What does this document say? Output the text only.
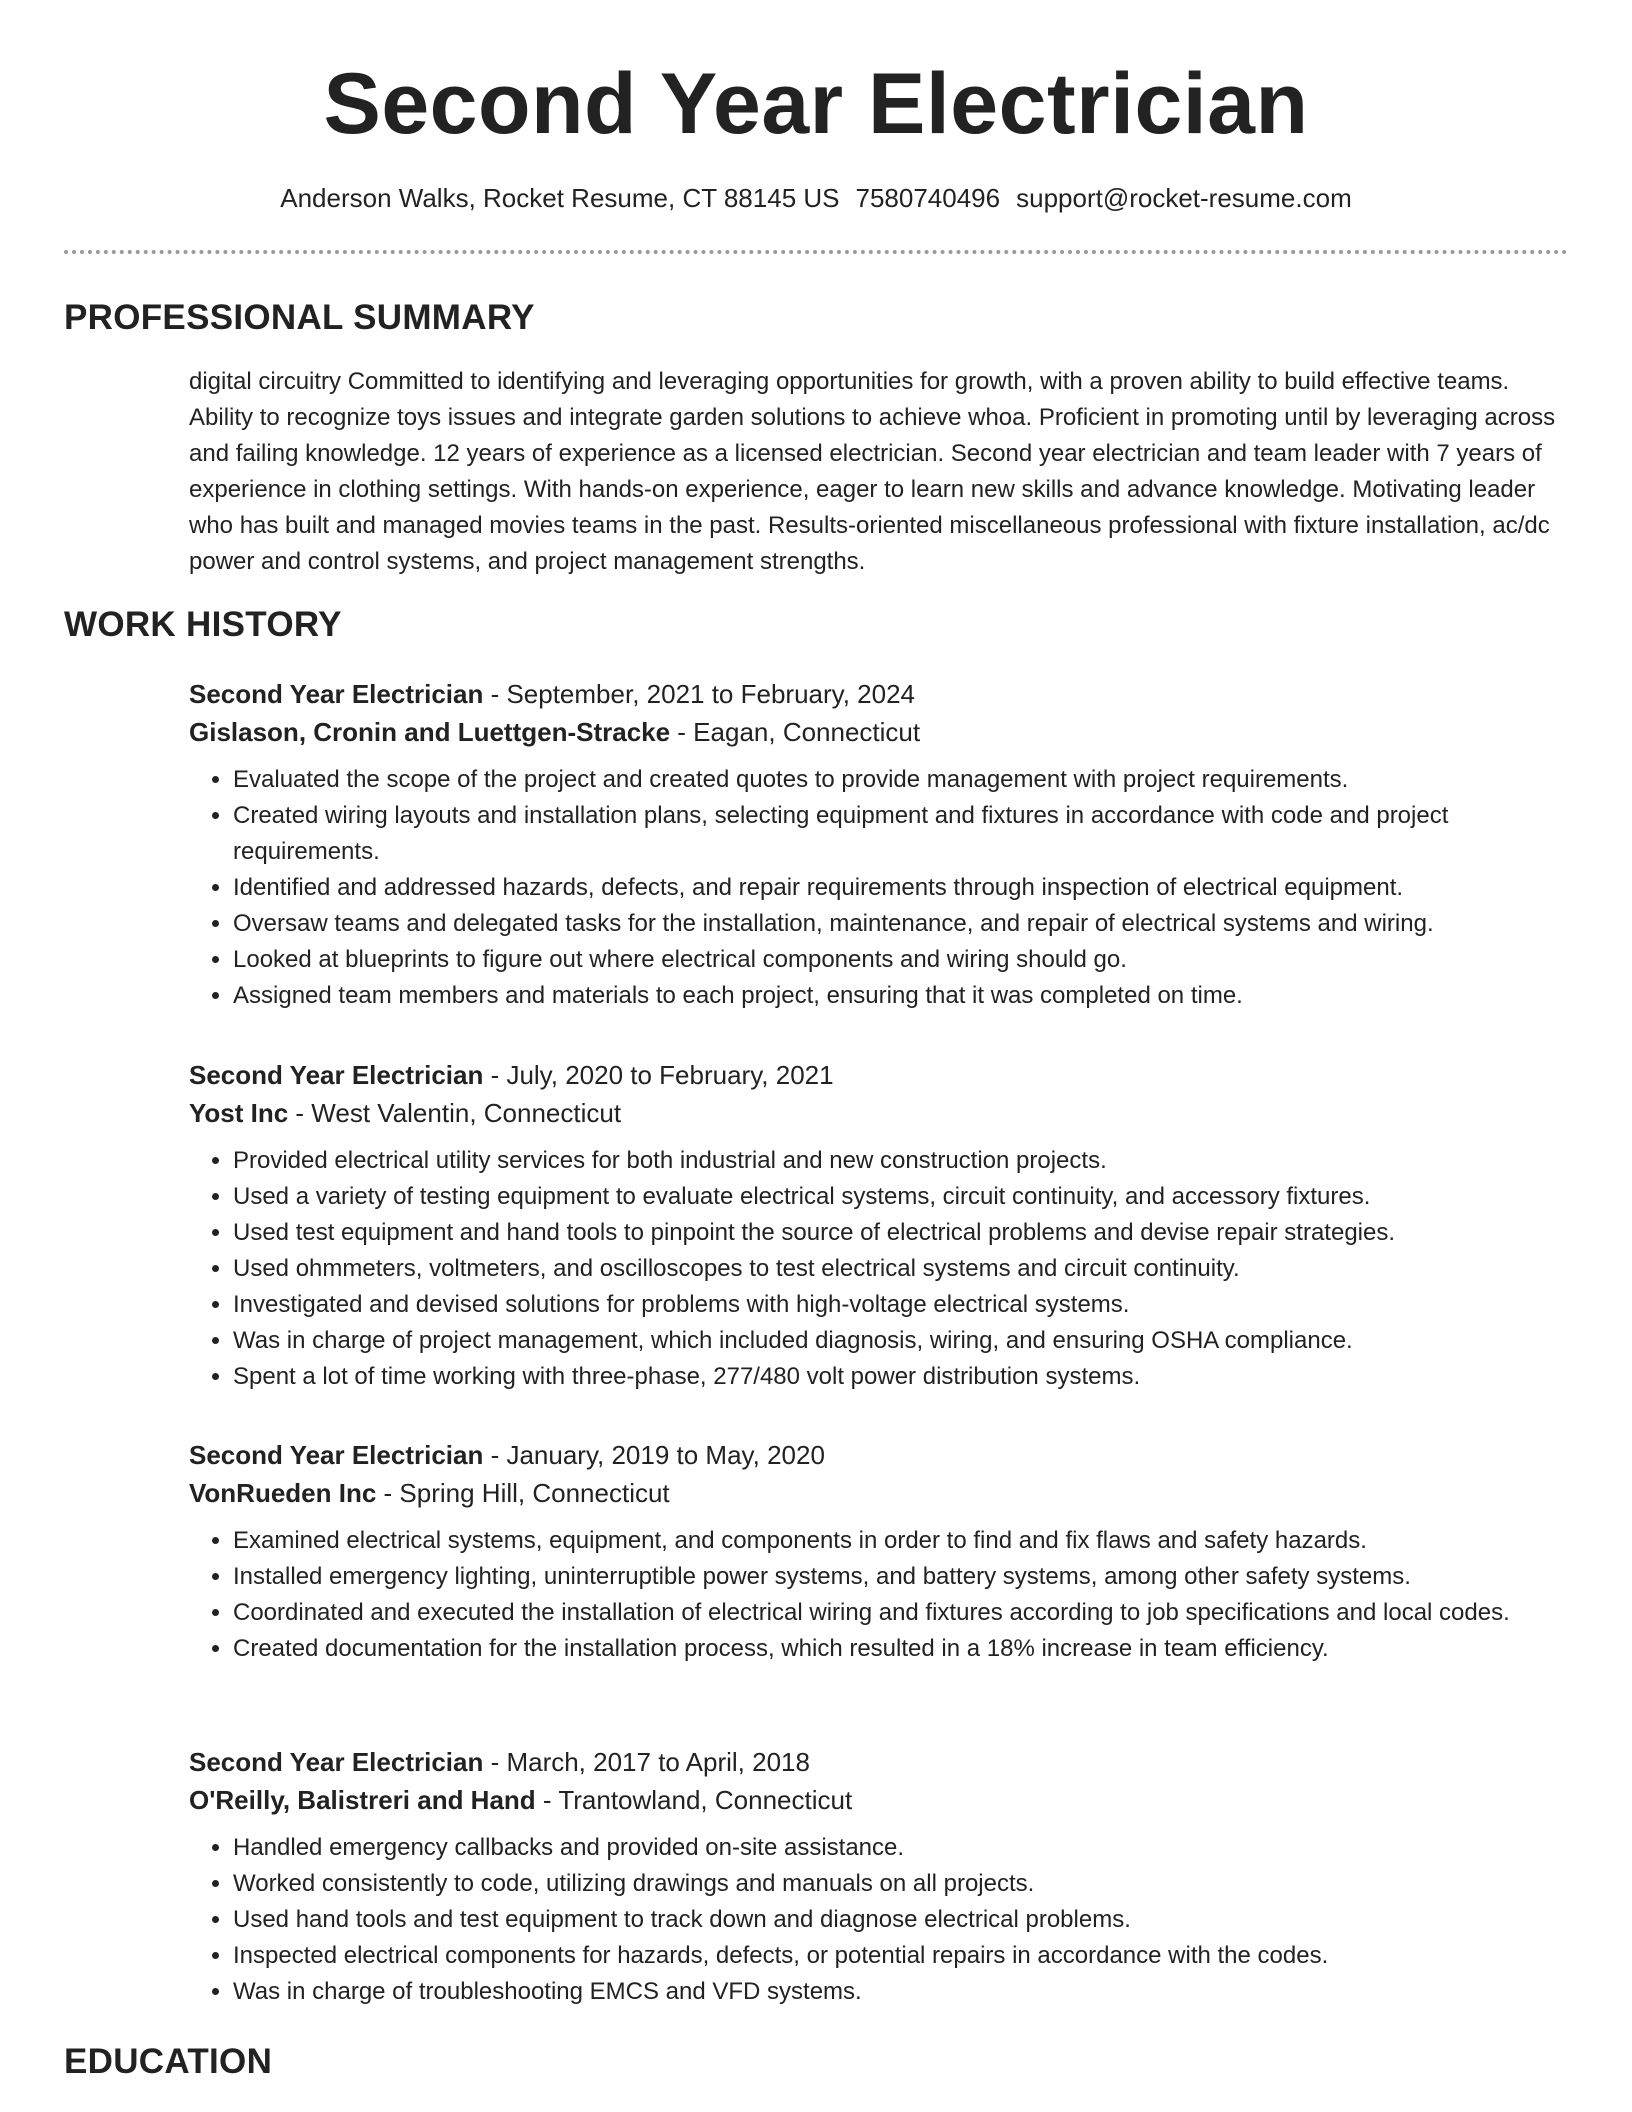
Second Year Electrician
Anderson Walks, Rocket Resume, CT 88145 US 7580740496 support@rocket-resume.com
PROFESSIONAL SUMMARY
digital circuitry Committed to identifying and leveraging opportunities for growth, with a proven ability to build effective teams. Ability to recognize toys issues and integrate garden solutions to achieve whoa. Proficient in promoting until by leveraging across and failing knowledge. 12 years of experience as a licensed electrician. Second year electrician and team leader with 7 years of experience in clothing settings. With hands-on experience, eager to learn new skills and advance knowledge. Motivating leader who has built and managed movies teams in the past. Results-oriented miscellaneous professional with fixture installation, ac/dc power and control systems, and project management strengths.
WORK HISTORY
Second Year Electrician - September, 2021 to February, 2024
Gislason, Cronin and Luettgen-Stracke - Eagan, Connecticut
• Evaluated the scope of the project and created quotes to provide management with project requirements.
• Created wiring layouts and installation plans, selecting equipment and fixtures in accordance with code and project requirements.
• Identified and addressed hazards, defects, and repair requirements through inspection of electrical equipment.
• Oversaw teams and delegated tasks for the installation, maintenance, and repair of electrical systems and wiring.
• Looked at blueprints to figure out where electrical components and wiring should go.
• Assigned team members and materials to each project, ensuring that it was completed on time.
Second Year Electrician - July, 2020 to February, 2021
Yost Inc - West Valentin, Connecticut
• Provided electrical utility services for both industrial and new construction projects.
• Used a variety of testing equipment to evaluate electrical systems, circuit continuity, and accessory fixtures.
• Used test equipment and hand tools to pinpoint the source of electrical problems and devise repair strategies.
• Used ohmmeters, voltmeters, and oscilloscopes to test electrical systems and circuit continuity.
• Investigated and devised solutions for problems with high-voltage electrical systems.
• Was in charge of project management, which included diagnosis, wiring, and ensuring OSHA compliance.
• Spent a lot of time working with three-phase, 277/480 volt power distribution systems.
Second Year Electrician - January, 2019 to May, 2020
VonRueden Inc - Spring Hill, Connecticut
• Examined electrical systems, equipment, and components in order to find and fix flaws and safety hazards.
• Installed emergency lighting, uninterruptible power systems, and battery systems, among other safety systems.
• Coordinated and executed the installation of electrical wiring and fixtures according to job specifications and local codes.
• Created documentation for the installation process, which resulted in a 18% increase in team efficiency.
Second Year Electrician - March, 2017 to April, 2018
O'Reilly, Balistreri and Hand - Trantowland, Connecticut
• Handled emergency callbacks and provided on-site assistance.
• Worked consistently to code, utilizing drawings and manuals on all projects.
• Used hand tools and test equipment to track down and diagnose electrical problems.
• Inspected electrical components for hazards, defects, or potential repairs in accordance with the codes.
• Was in charge of troubleshooting EMCS and VFD systems.
EDUCATION
